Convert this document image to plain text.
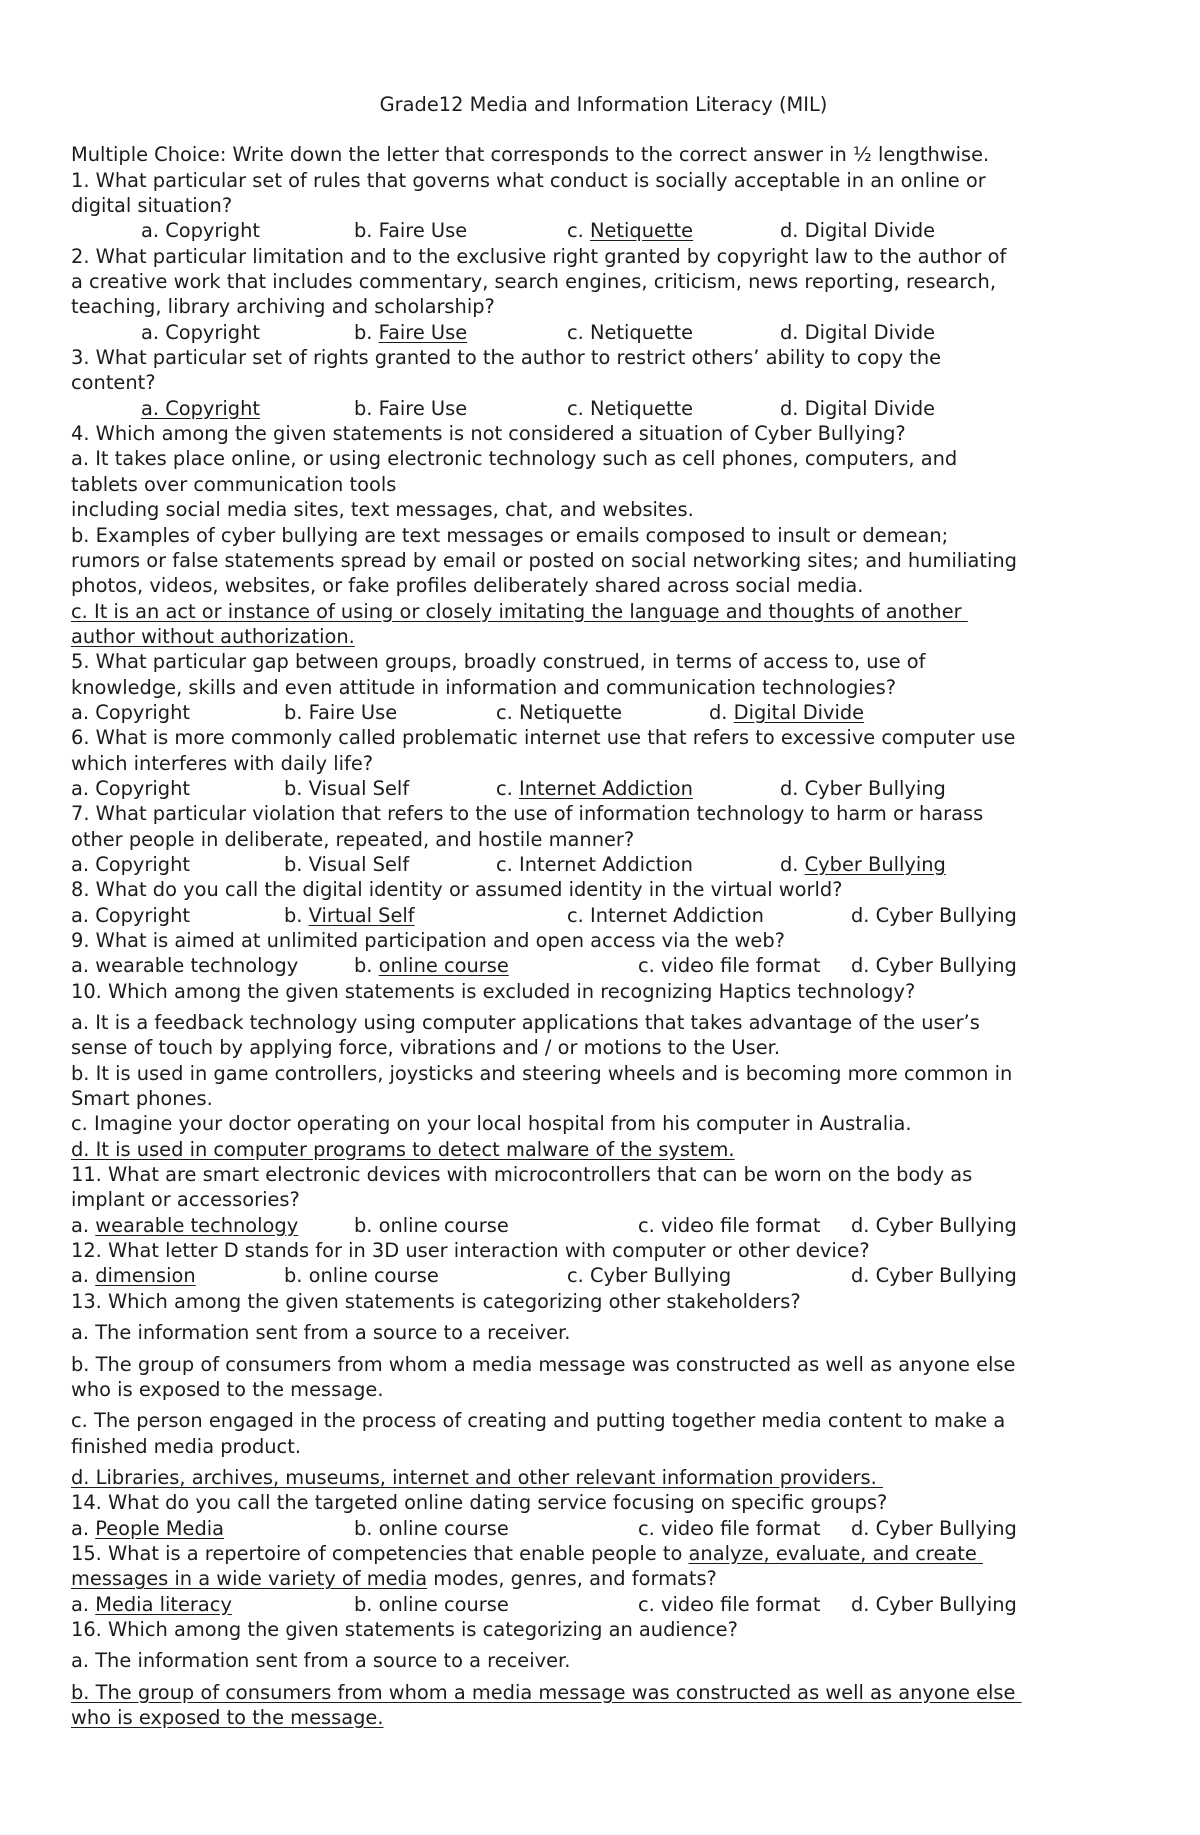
Grade12 Media and Information Literacy (MIL)
Multiple Choice: Write down the letter that corresponds to the correct answer in ½ lengthwise.
1. What particular set of rules that governs what conduct is socially acceptable in an online or
digital situation?
a. Copyright	b. Faire Use	c. Netiquette	d. Digital Divide
2. What particular limitation and to the exclusive right granted by copyright law to the author of
a creative work that includes commentary, search engines, criticism, news reporting, research,
teaching, library archiving and scholarship?
a. Copyright	b. Faire Use	c. Netiquette	d. Digital Divide
3. What particular set of rights granted to the author to restrict others’ ability to copy the
content?
a. Copyright	b. Faire Use	c. Netiquette	d. Digital Divide
4. Which among the given statements is not considered a situation of Cyber Bullying?
a. It takes place online, or using electronic technology such as cell phones, computers, and
tablets over communication tools
including social media sites, text messages, chat, and websites.
b. Examples of cyber bullying are text messages or emails composed to insult or demean;
rumors or false statements spread by email or posted on social networking sites; and humiliating
photos, videos, websites, or fake profiles deliberately shared across social media.
c. It is an act or instance of using or closely imitating the language and thoughts of another
author without authorization.
5. What particular gap between groups, broadly construed, in terms of access to, use of
knowledge, skills and even attitude in information and communication technologies?
a. Copyright	b. Faire Use	c. Netiquette	d. Digital Divide
6. What is more commonly called problematic internet use that refers to excessive computer use
which interferes with daily life?
a. Copyright	b. Visual Self	c. Internet Addiction	d. Cyber Bullying
7. What particular violation that refers to the use of information technology to harm or harass
other people in deliberate, repeated, and hostile manner?
a. Copyright	b. Visual Self	c. Internet Addiction	d. Cyber Bullying
8. What do you call the digital identity or assumed identity in the virtual world?
a. Copyright	b. Virtual Self	c. Internet Addiction	d. Cyber Bullying
9. What is aimed at unlimited participation and open access via the web?
a. wearable technology	b. online course	c. video file format d. Cyber Bullying
10. Which among the given statements is excluded in recognizing Haptics technology?
a. It is a feedback technology using computer applications that takes advantage of the user’s
sense of touch by applying force, vibrations and / or motions to the User.
b. It is used in game controllers, joysticks and steering wheels and is becoming more common in
Smart phones.
c. Imagine your doctor operating on your local hospital from his computer in Australia.
d. It is used in computer programs to detect malware of the system.
11. What are smart electronic devices with microcontrollers that can be worn on the body as
implant or accessories?
a. wearable technology	b. online course	c. video file format d. Cyber Bullying
12. What letter D stands for in 3D user interaction with computer or other device?
a. dimension	b. online course	c. Cyber Bullying	d. Cyber Bullying
13. Which among the given statements is categorizing other stakeholders?
a. The information sent from a source to a receiver.
b. The group of consumers from whom a media message was constructed as well as anyone else
who is exposed to the message.
c. The person engaged in the process of creating and putting together media content to make a
finished media product.
d. Libraries, archives, museums, internet and other relevant information providers.
14. What do you call the targeted online dating service focusing on specific groups?
a. People Media	b. online course	c. video file format d. Cyber Bullying
15. What is a repertoire of competencies that enable people to analyze, evaluate, and create
messages in a wide variety of media modes, genres, and formats?
a. Media literacy	b. online course	c. video file format d. Cyber Bullying
16. Which among the given statements is categorizing an audience?
a. The information sent from a source to a receiver.
b. The group of consumers from whom a media message was constructed as well as anyone else
who is exposed to the message.
